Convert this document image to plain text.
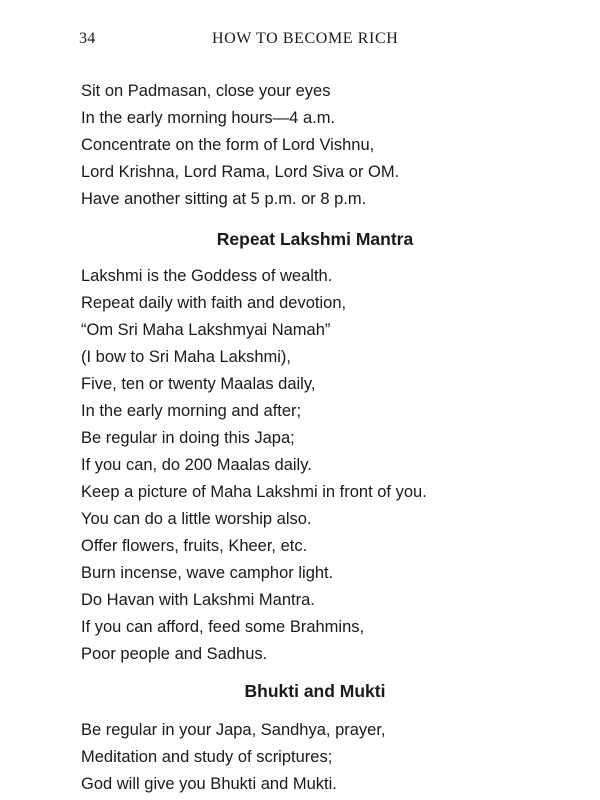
34	HOW TO BECOME RICH
Sit on Padmasan, close your eyes
In the early morning hours—4 a.m.
Concentrate on the form of Lord Vishnu,
Lord Krishna, Lord Rama, Lord Siva or OM.
Have another sitting at 5 p.m. or 8 p.m.
Repeat Lakshmi Mantra
Lakshmi is the Goddess of wealth.
Repeat daily with faith and devotion,
“Om Sri Maha Lakshmyai Namah”
(I bow to Sri Maha Lakshmi),
Five, ten or twenty Maalas daily,
In the early morning and after;
Be regular in doing this Japa;
If you can, do 200 Maalas daily.
Keep a picture of Maha Lakshmi in front of you.
You can do a little worship also.
Offer flowers, fruits, Kheer, etc.
Burn incense, wave camphor light.
Do Havan with Lakshmi Mantra.
If you can afford, feed some Brahmins,
Poor people and Sadhus.
Bhukti and Mukti
Be regular in your Japa, Sandhya, prayer,
Meditation and study of scriptures;
God will give you Bhukti and Mukti.
